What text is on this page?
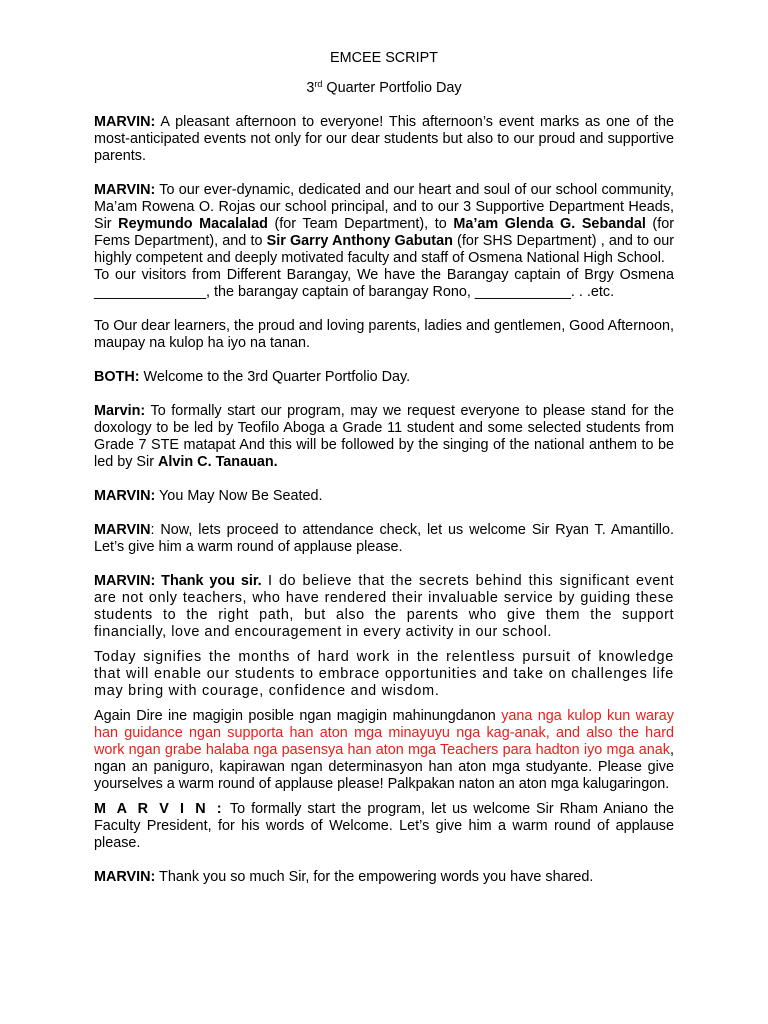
EMCEE SCRIPT
3rd Quarter Portfolio Day

MARVIN: A pleasant afternoon to everyone! This afternoon’s event marks as one of the most-anticipated events not only for our dear students but also to our proud and supportive parents.

MARVIN: To our ever-dynamic, dedicated and our heart and soul of our school community, Ma’am Rowena O. Rojas our school principal, and to our 3 Supportive Department Heads, Sir Reymundo Macalalad (for Team Department), to Ma’am Glenda G. Sebandal (for Fems Department), and to Sir Garry Anthony Gabutan (for SHS Department) , and to our highly competent and deeply motivated faculty and staff of Osmena National High School.

To our visitors from Different Barangay, We have the Barangay captain of Brgy Osmena ______________, the barangay captain of barangay Rono, ____________. . .etc.

To Our dear learners, the proud and loving parents, ladies and gentlemen, Good Afternoon, maupay na kulop ha iyo na tanan.

BOTH: Welcome to the 3rd Quarter Portfolio Day.

Marvin: To formally start our program, may we request everyone to please stand for the doxology to be led by Teofilo Aboga a Grade 11 student and some selected students from Grade 7 STE matapat And this will be followed by the singing of the national anthem to be led by Sir Alvin C. Tanauan.

MARVIN: You May Now Be Seated.

MARVIN: Now, lets proceed to attendance check, let us welcome Sir Ryan T. Amantillo. Let’s give him a warm round of applause please.

MARVIN: Thank you sir. I do believe that the secrets behind this significant event are not only teachers, who have rendered their invaluable service by guiding these students to the right path, but also the parents who give them the support financially, love and encouragement in every activity in our school.

Today signifies the months of hard work in the relentless pursuit of knowledge that will enable our students to embrace opportunities and take on challenges life may bring with courage, confidence and wisdom.

Again Dire ine magigin posible ngan magigin mahinungdanon yana nga kulop kun waray han guidance ngan supporta han aton mga minayuyu nga kag-anak, and also the hard work ngan grabe halaba nga pasensya han aton mga Teachers para hadton iyo mga anak, ngan an paniguro, kapirawan ngan determinasyon han aton mga studyante. Please give yourselves a warm round of applause please! Palkpakan naton an aton mga kalugaringon.

M A R V I N : To formally start the program, let us welcome Sir Rham Aniano the Faculty President, for his words of Welcome. Let’s give him a warm round of applause please.

MARVIN: Thank you so much Sir, for the empowering words you have shared.
